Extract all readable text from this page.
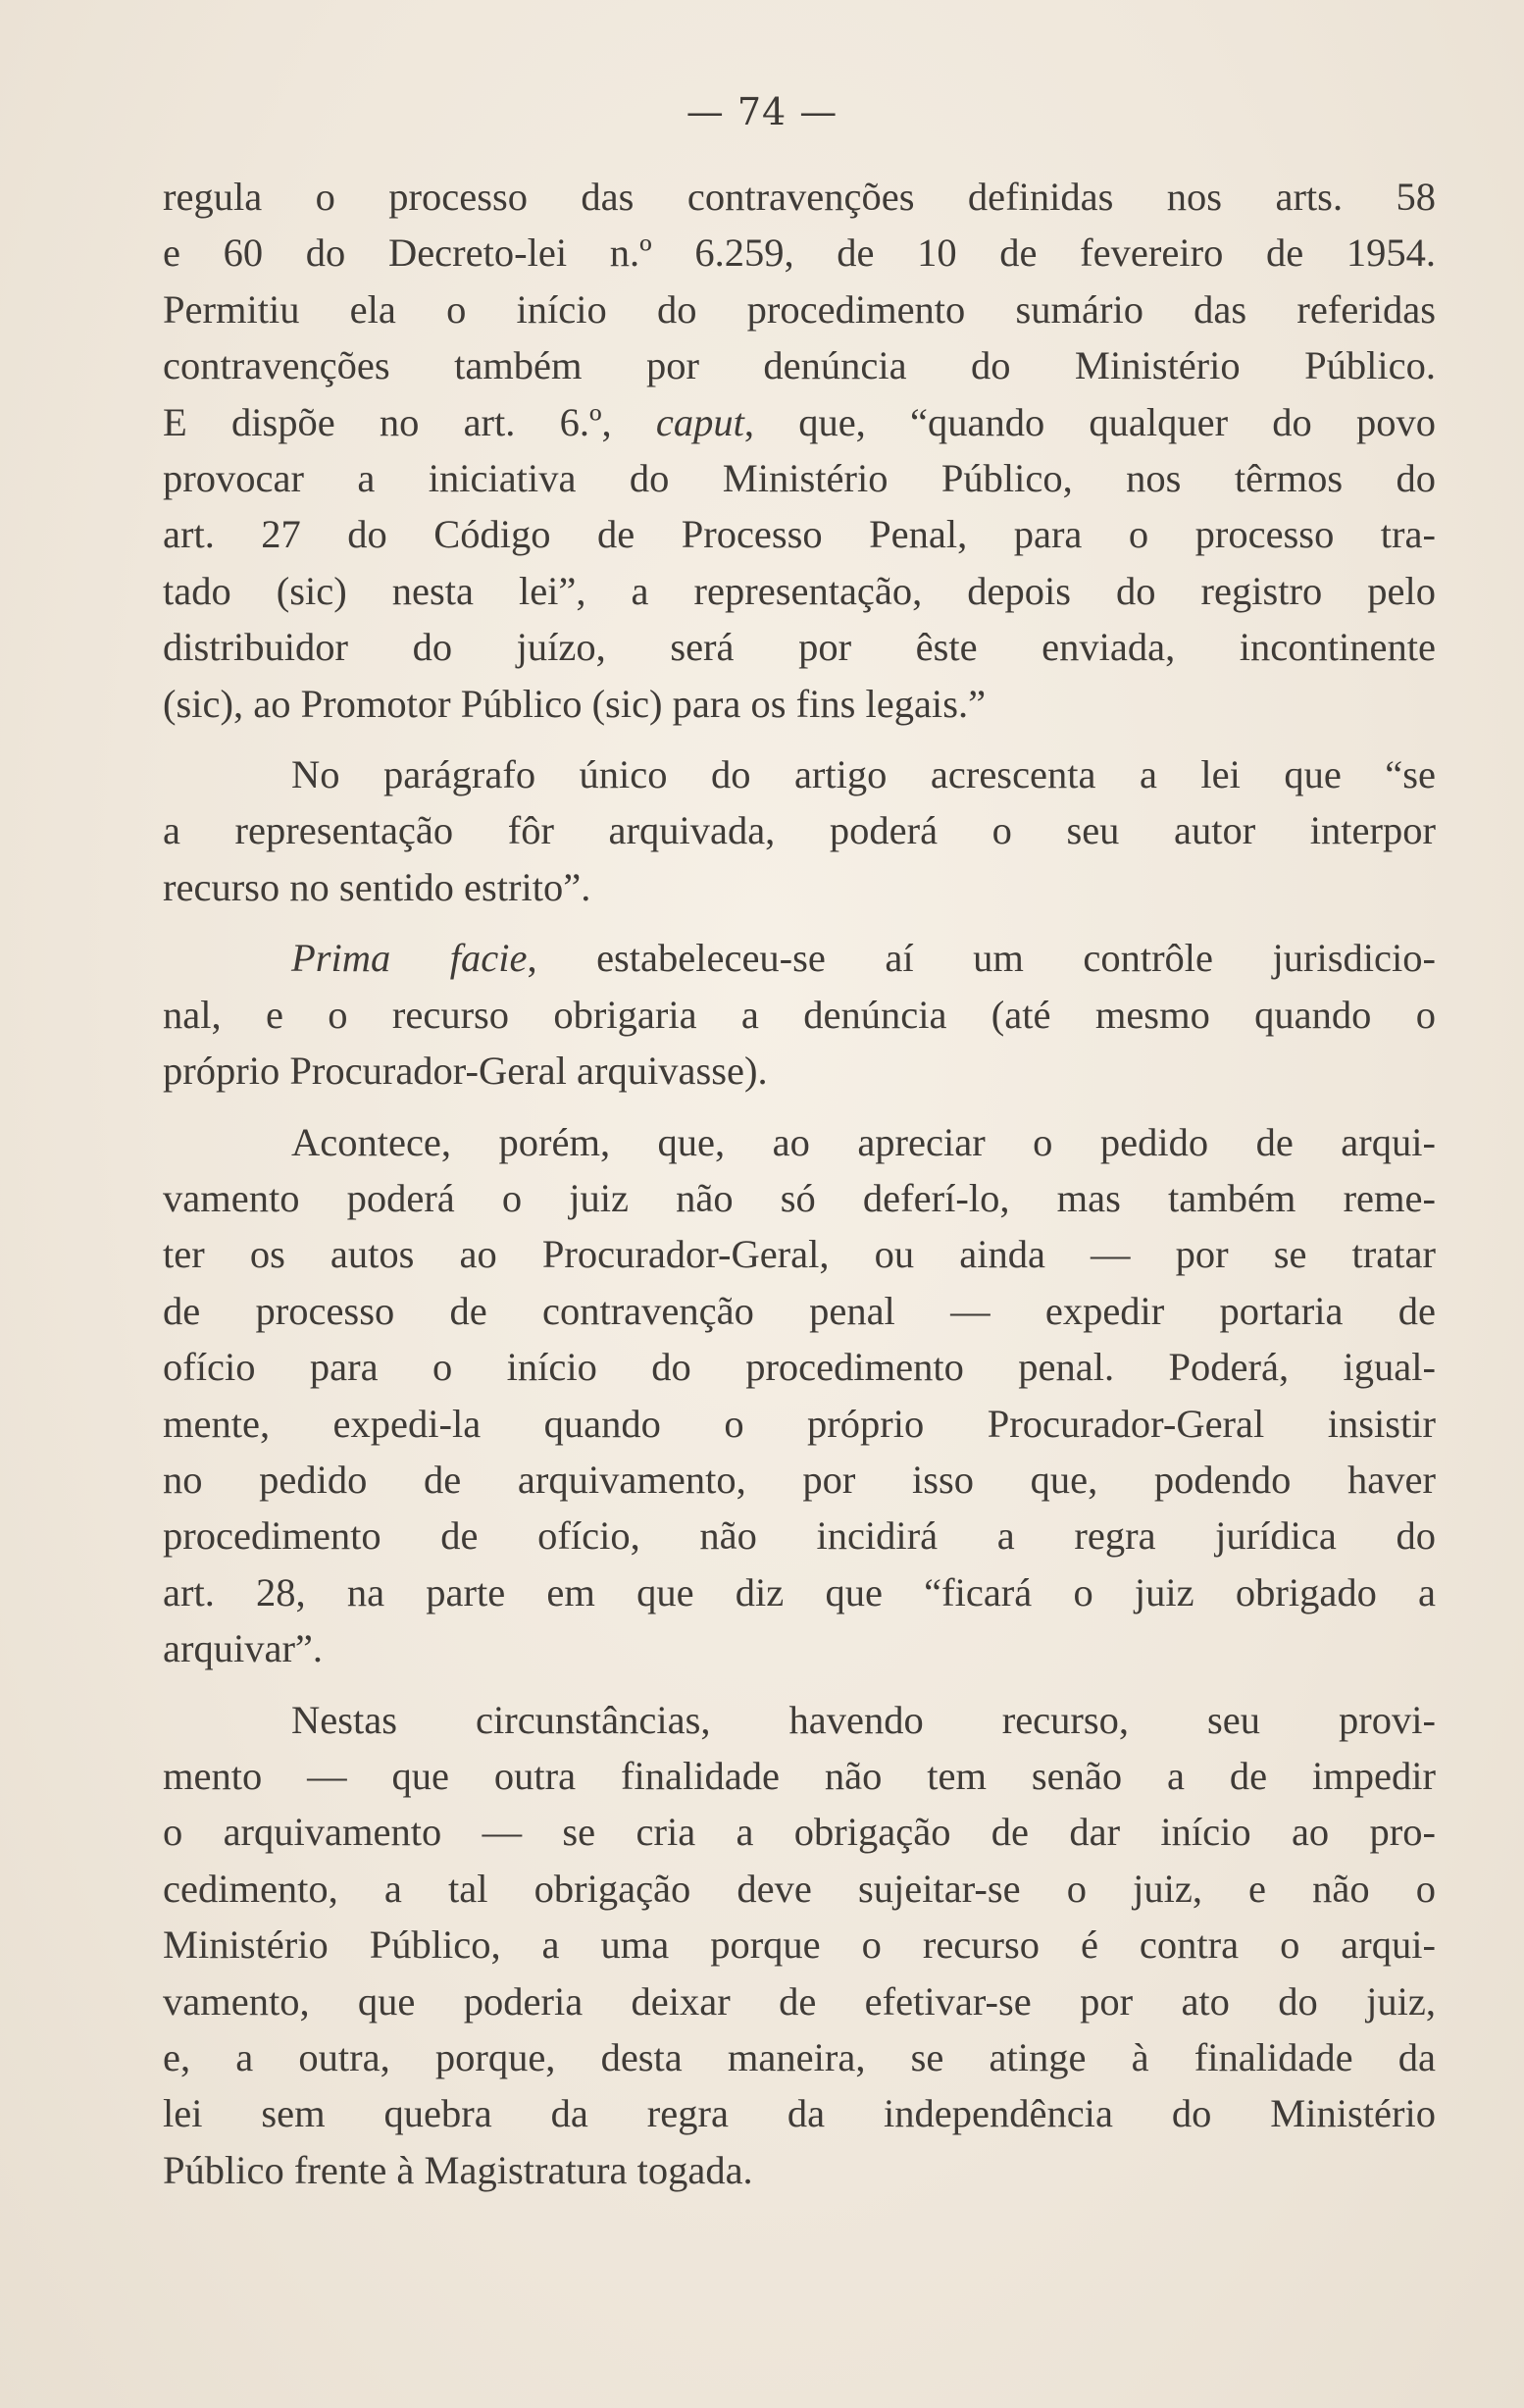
— 74 —

regula o processo das contravenções definidas nos arts. 58

e 60 do Decreto-lei n.º 6.259, de 10 de fevereiro de 1954.

Permitiu ela o início do procedimento sumário das referidas

contravenções também por denúncia do Ministério Público.

E dispõe no art. 6.º, caput, que, “quando qualquer do povo

provocar a iniciativa do Ministério Público, nos têrmos do

art. 27 do Código de Processo Penal, para o processo tra-

tado (sic) nesta lei”, a representação, depois do registro pelo

distribuidor do juízo, será por êste enviada, incontinente

(sic), ao Promotor Público (sic) para os fins legais.”

No parágrafo único do artigo acrescenta a lei que “se

a representação fôr arquivada, poderá o seu autor interpor

recurso no sentido estrito”.

Prima facie, estabeleceu-se aí um contrôle jurisdicio-

nal, e o recurso obrigaria a denúncia (até mesmo quando o

próprio Procurador-Geral arquivasse).

Acontece, porém, que, ao apreciar o pedido de arqui-

vamento poderá o juiz não só deferí-lo, mas também reme-

ter os autos ao Procurador-Geral, ou ainda — por se tratar

de processo de contravenção penal — expedir portaria de

ofício para o início do procedimento penal. Poderá, igual-

mente, expedi-la quando o próprio Procurador-Geral insistir

no pedido de arquivamento, por isso que, podendo haver

procedimento de ofício, não incidirá a regra jurídica do

art. 28, na parte em que diz que “ficará o juiz obrigado a

arquivar”.

Nestas circunstâncias, havendo recurso, seu provi-

mento — que outra finalidade não tem senão a de impedir

o arquivamento — se cria a obrigação de dar início ao pro-

cedimento, a tal obrigação deve sujeitar-se o juiz, e não o

Ministério Público, a uma porque o recurso é contra o arqui-

vamento, que poderia deixar de efetivar-se por ato do juiz,

e, a outra, porque, desta maneira, se atinge à finalidade da

lei sem quebra da regra da independência do Ministério

Público frente à Magistratura togada.
